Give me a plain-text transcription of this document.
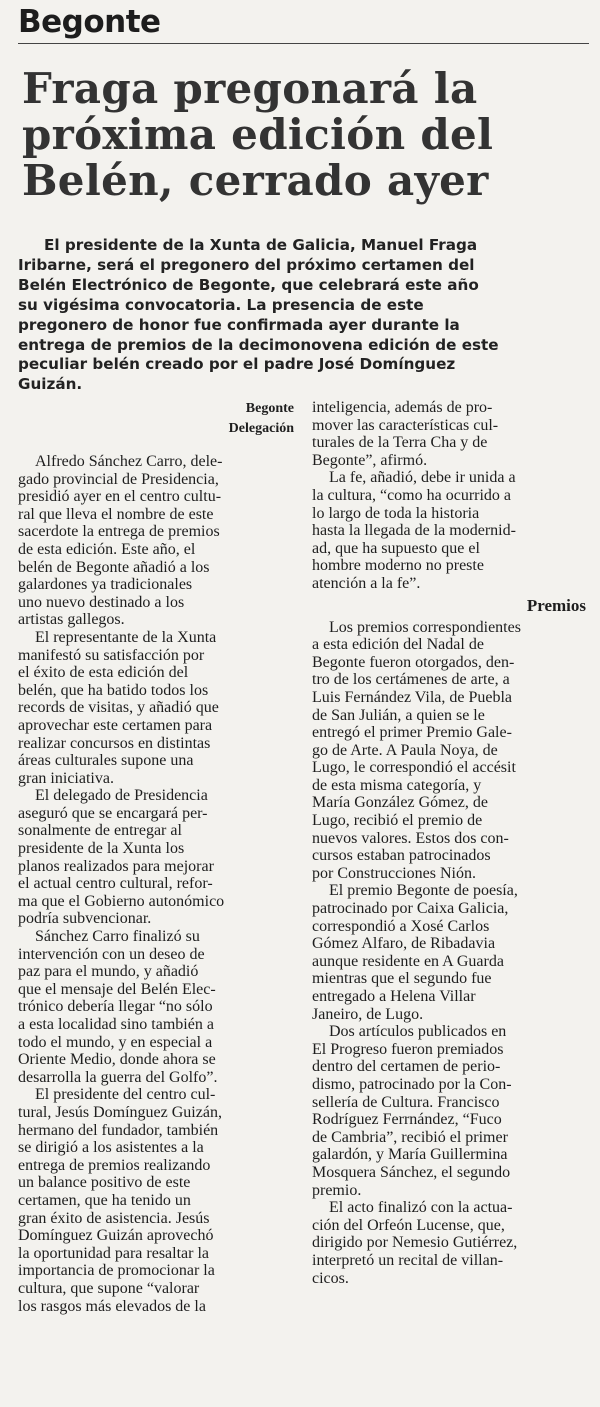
Begonte
Fraga pregonará la
próxima edición del
Belén, cerrado ayer
El presidente de la Xunta de Galicia, Manuel Fraga
Iribarne, será el pregonero del próximo certamen del
Belén Electrónico de Begonte, que celebrará este año
su vigésima convocatoria. La presencia de este
pregonero de honor fue confirmada ayer durante la
entrega de premios de la decimonovena edición de este
peculiar belén creado por el padre José Domínguez
Guizán.
Begonte
Delegación
Alfredo Sánchez Carro, dele-
gado provincial de Presidencia,
presidió ayer en el centro cultu-
ral que lleva el nombre de este
sacerdote la entrega de premios
de esta edición. Este año, el
belén de Begonte añadió a los
galardones ya tradicionales
uno nuevo destinado a los
artistas gallegos.
El representante de la Xunta
manifestó su satisfacción por
el éxito de esta edición del
belén, que ha batido todos los
records de visitas, y añadió que
aprovechar este certamen para
realizar concursos en distintas
áreas culturales supone una
gran iniciativa.
El delegado de Presidencia
aseguró que se encargará per-
sonalmente de entregar al
presidente de la Xunta los
planos realizados para mejorar
el actual centro cultural, refor-
ma que el Gobierno autonómico
podría subvencionar.
Sánchez Carro finalizó su
intervención con un deseo de
paz para el mundo, y añadió
que el mensaje del Belén Elec-
trónico debería llegar “no sólo
a esta localidad sino también a
todo el mundo, y en especial a
Oriente Medio, donde ahora se
desarrolla la guerra del Golfo”.
El presidente del centro cul-
tural, Jesús Domínguez Guizán,
hermano del fundador, también
se dirigió a los asistentes a la
entrega de premios realizando
un balance positivo de este
certamen, que ha tenido un
gran éxito de asistencia. Jesús
Domínguez Guizán aprovechó
la oportunidad para resaltar la
importancia de promocionar la
cultura, que supone “valorar
los rasgos más elevados de la
inteligencia, además de pro-
mover las características cul-
turales de la Terra Cha y de
Begonte”, afirmó.
La fe, añadió, debe ir unida a
la cultura, “como ha ocurrido a
lo largo de toda la historia
hasta la llegada de la modernid-
ad, que ha supuesto que el
hombre moderno no preste
atención a la fe”.
Premios
Los premios correspondientes
a esta edición del Nadal de
Begonte fueron otorgados, den-
tro de los certámenes de arte, a
Luis Fernández Vila, de Puebla
de San Julián, a quien se le
entregó el primer Premio Gale-
go de Arte. A Paula Noya, de
Lugo, le correspondió el accésit
de esta misma categoría, y
María González Gómez, de
Lugo, recibió el premio de
nuevos valores. Estos dos con-
cursos estaban patrocinados
por Construcciones Nión.
El premio Begonte de poesía,
patrocinado por Caixa Galicia,
correspondió a Xosé Carlos
Gómez Alfaro, de Ribadavia
aunque residente en A Guarda
mientras que el segundo fue
entregado a Helena Villar
Janeiro, de Lugo.
Dos artículos publicados en
El Progreso fueron premiados
dentro del certamen de perio-
dismo, patrocinado por la Con-
sellería de Cultura. Francisco
Rodríguez Ferrnández, “Fuco
de Cambria”, recibió el primer
galardón, y María Guillermina
Mosquera Sánchez, el segundo
premio.
El acto finalizó con la actua-
ción del Orfeón Lucense, que,
dirigido por Nemesio Gutiérrez,
interpretó un recital de villan-
cicos.
